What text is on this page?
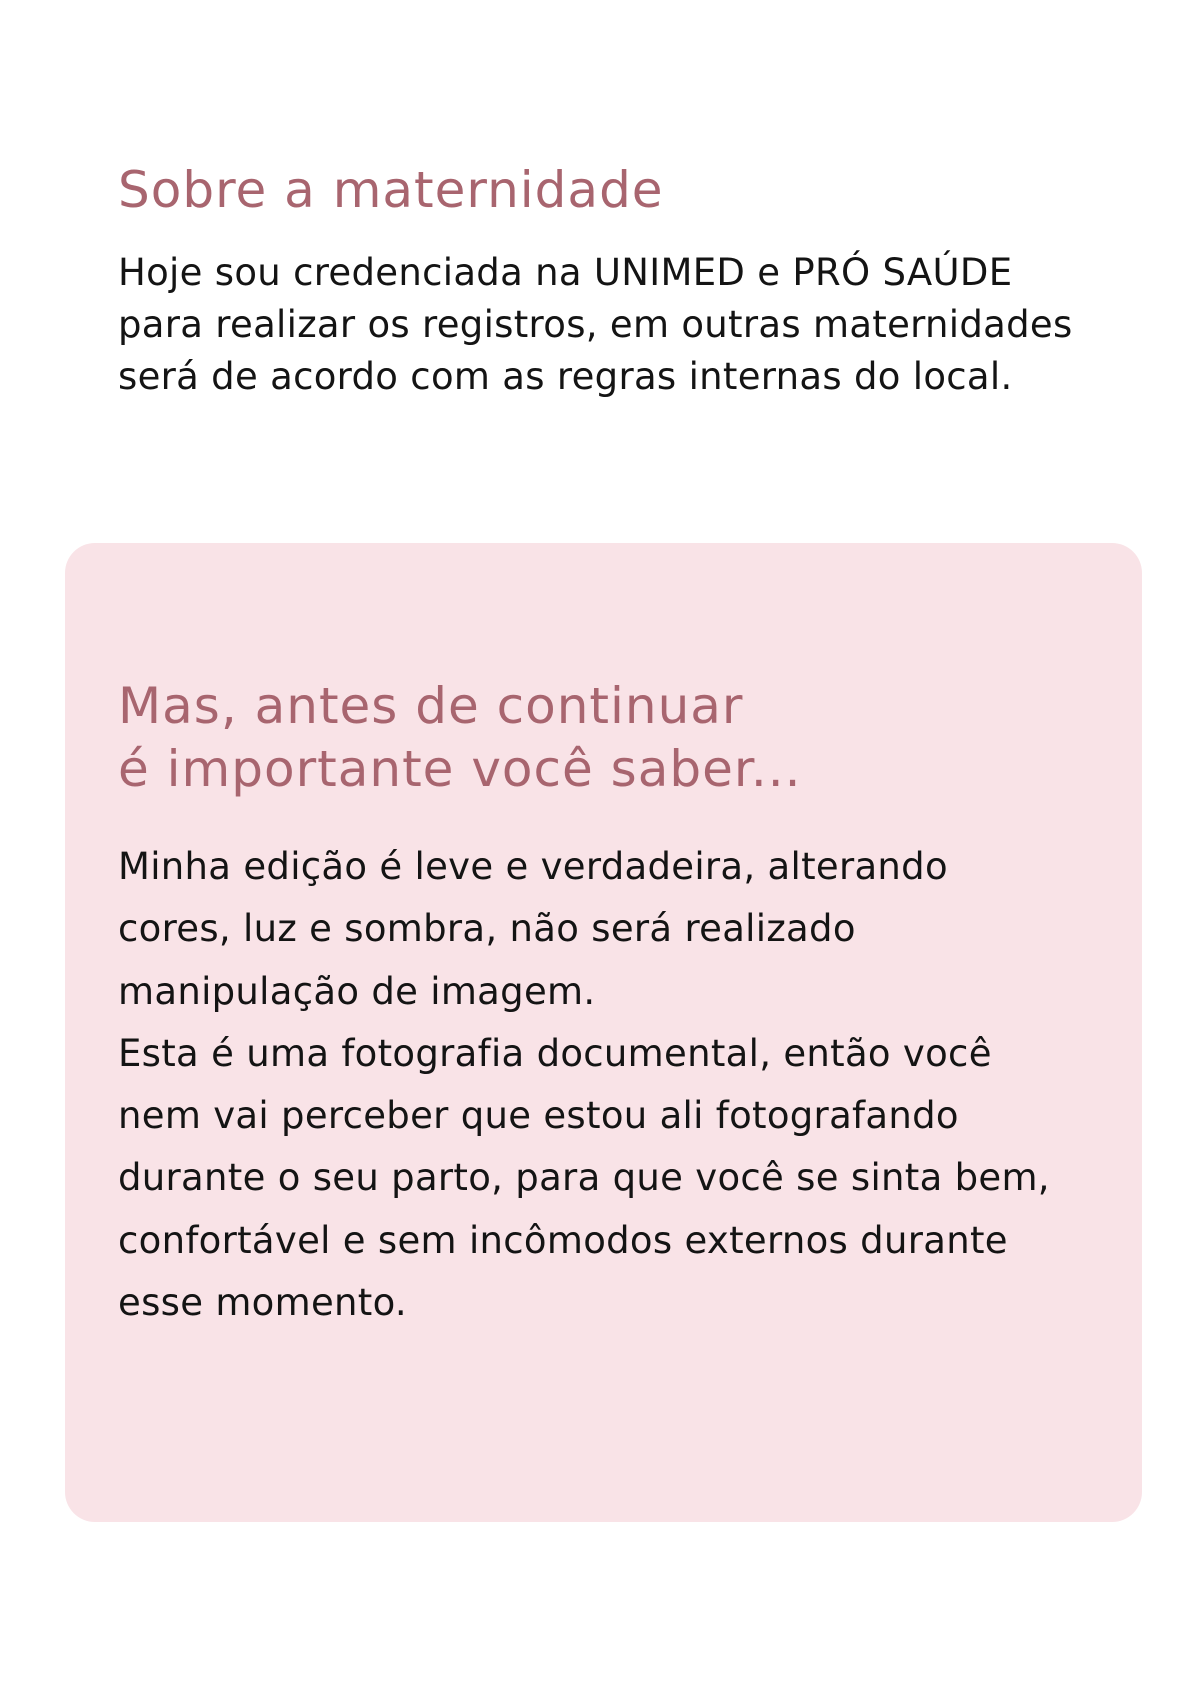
Sobre a maternidade

Hoje sou credenciada na UNIMED e PRÓ SAÚDE
para realizar os registros, em outras maternidades
será de acordo com as regras internas do local.

Mas, antes de continuar
é importante você saber...

Minha edição é leve e verdadeira, alterando
cores, luz e sombra, não será realizado
manipulação de imagem.
Esta é uma fotografia documental, então você
nem vai perceber que estou ali fotografando
durante o seu parto, para que você se sinta bem,
confortável e sem incômodos externos durante
esse momento.
